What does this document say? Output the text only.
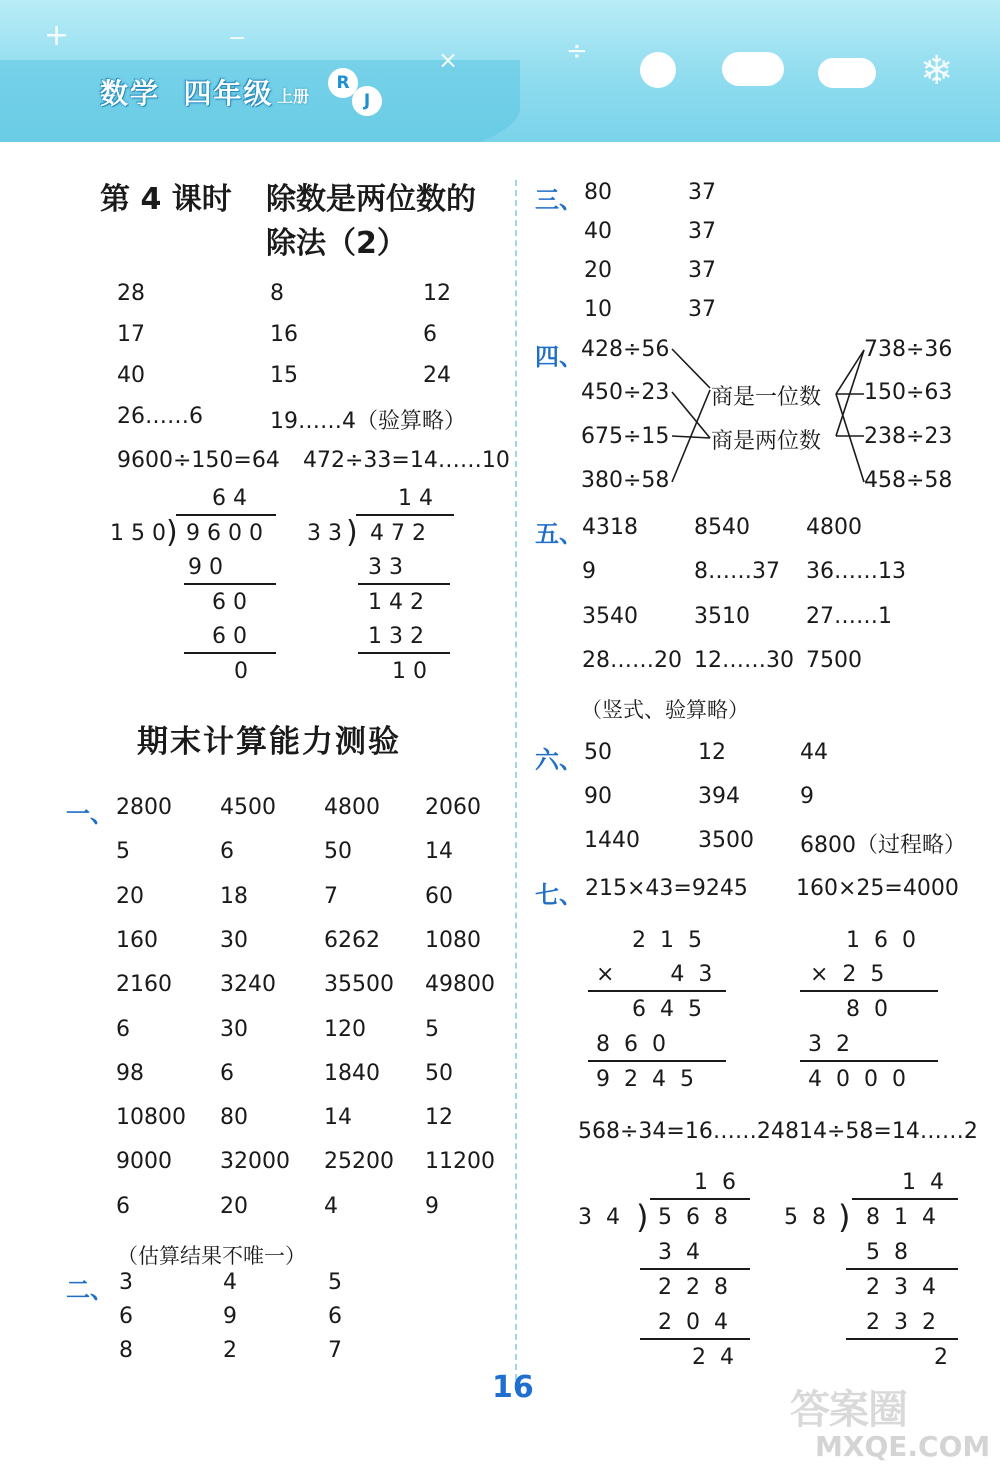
+	−
×	÷	❄
数学 四年级 上册
R
J
第 4 课时 除数是两位数的
除法（2）
28	8	12
17	16	6
40	15	24
26……6	19……4（验算略）
9600÷150=64 472÷33=14……10
6 4
1 5 0 ) 9 6 0 0
9 0
6 0
6 0
0
1 4
3 3 ) 4 7 2
3 3
1 4 2
1 3 2
1 0
期末计算能力测验
一、 2800 4500 4800 2060
5	6	50	14
20	18	7	60
160	30	6262 1080
2160 3240 35500 49800
6	30	120	5
98	6	1840 50
10800 80	14	12
9000 32000 25200 11200
6	20	4	9
（估算结果不唯一）
二、 3	4	5
6	9	6
8	2	7
三、 80	37
40	37
20	37
10	37
四、
428÷56
450÷23
675÷15
380÷58
商是一位数
商是两位数
738÷36
150÷63
238÷23
458÷58
五、 4318	8540	4800
9	8……37 36……13
3540	3510	27……1
28……20 12……30 7500
（竖式、验算略）
六、 50	12	44
90	394	9
1440	3500 6800（过程略）
七、 215×43=9245 160×25=4000
2  1  5
×        4  3
6  4  5
8  6  0
9  2  4  5
1  6  0
×  2  5
8  0
3  2
4  0  0  0
568÷34=16……24 814÷58=14……2
1  6
3  4 ) 5  6  8
3  4
2  2  8
2  0  4
2  4
1  4
5  8 ) 8  1  4
5  8
2  3  4
2  3  2
2
16	答案圈
MXQE.COM
